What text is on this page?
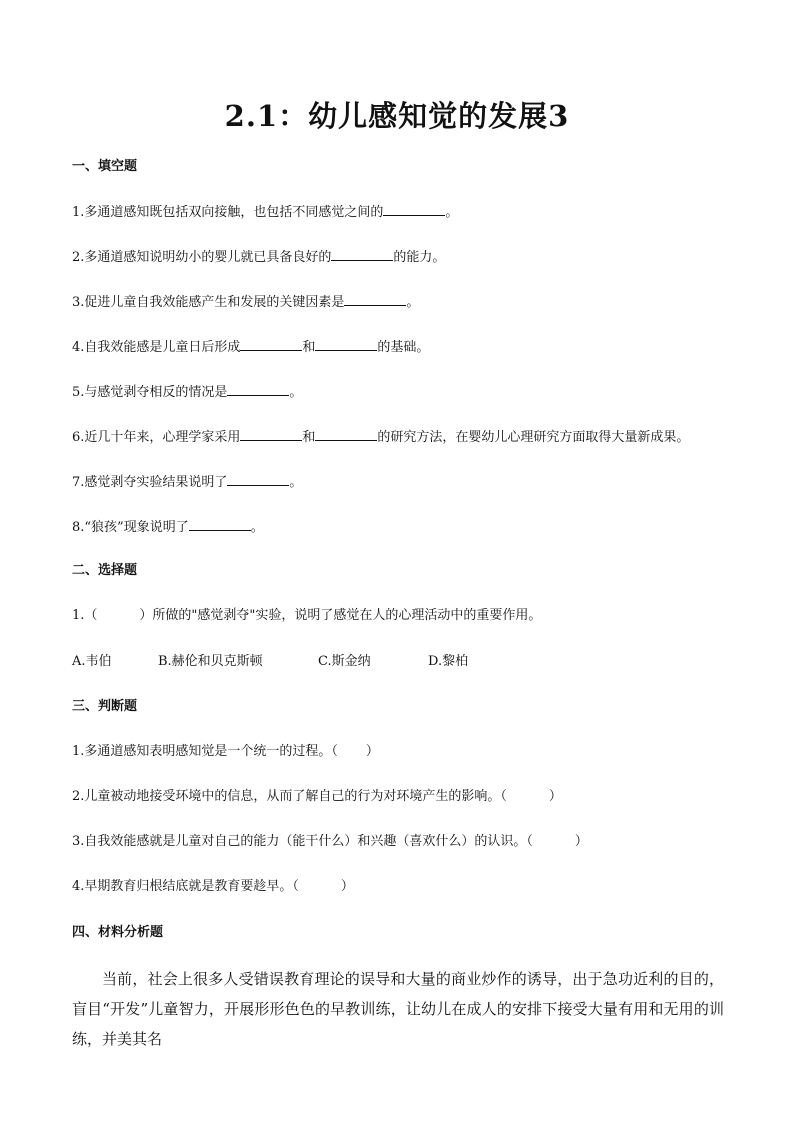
2.1：幼儿感知觉的发展3
一、填空题
1.多通道感知既包括双向接触，也包括不同感觉之间的	。
2.多通道感知说明幼小的婴儿就已具备良好的	的能力。
3.促进儿童自我效能感产生和发展的关键因素是	。
4.自我效能感是儿童日后形成	和	的基础。
5.与感觉剥夺相反的情况是	。
6.近几十年来，心理学家采用	和	的研究方法，在婴幼儿心理研究方面取得大量新成果。
7.感觉剥夺实验结果说明了	。
8.“狼孩”现象说明了	。
二、选择题
1.（	）所做的"感觉剥夺"实验，说明了感觉在人的心理活动中的重要作用。
A.韦伯	B.赫伦和贝克斯顿	C.斯金纳	D.黎柏
三、判断题
1.多通道感知表明感知觉是一个统一的过程。（ ）
2.儿童被动地接受环境中的信息，从而了解自己的行为对环境产生的影响。（	）
3.自我效能感就是儿童对自己的能力（能干什么）和兴趣（喜欢什么）的认识。（	）
4.早期教育归根结底就是教育要趁早。（	）
四、材料分析题
当前，社会上很多人受错误教育理论的误导和大量的商业炒作的诱导，出于急功近利的目的，盲目“开发”儿童智力，开展形形色色的早教训练，让幼儿在成人的安排下接受大量有用和无用的训练，并美其名
